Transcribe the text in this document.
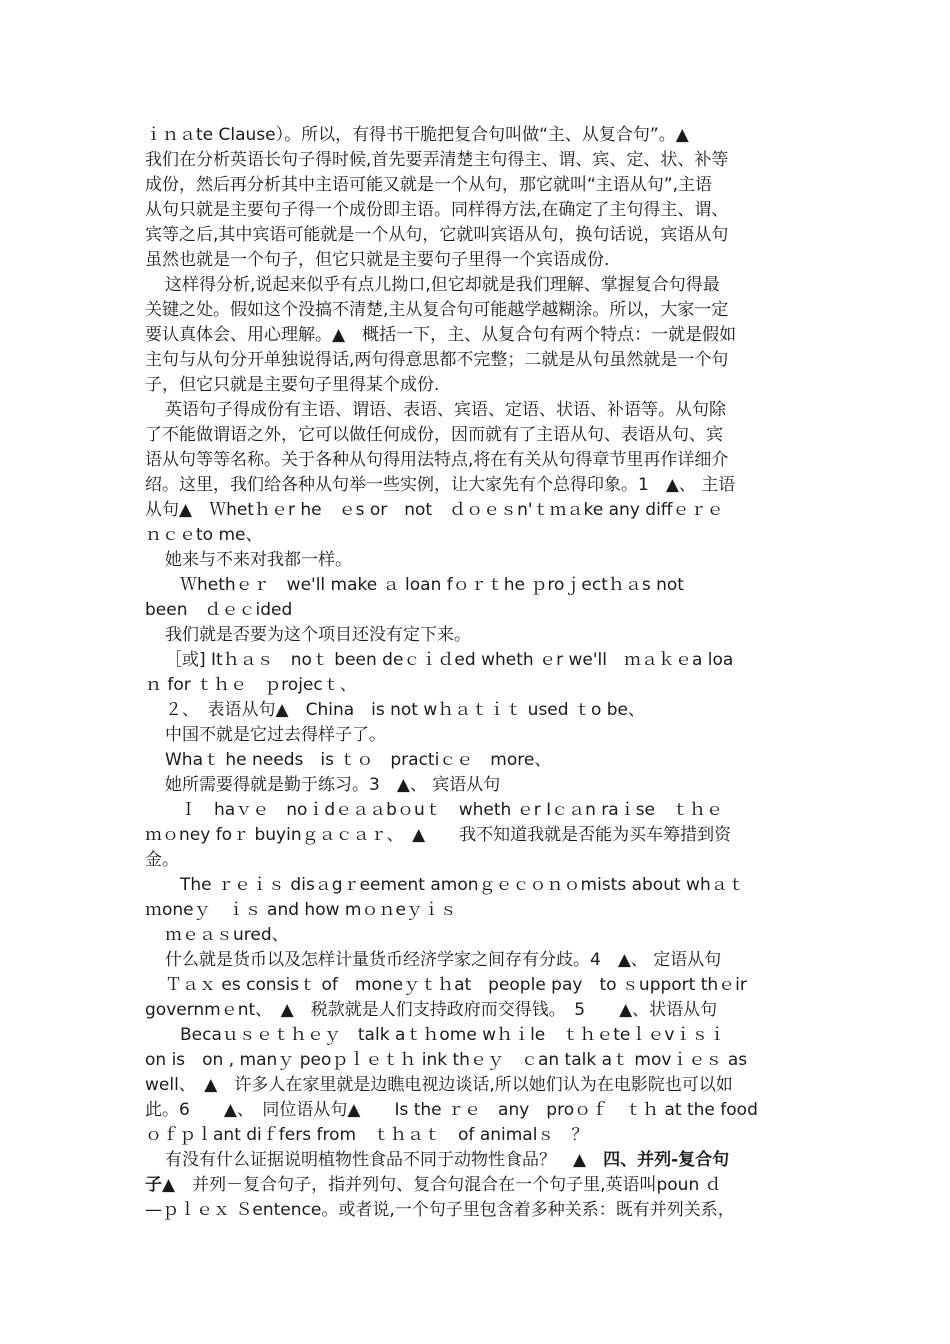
ｉｎａte Clause）。所以，有得书干脆把复合句叫做“主、从复合句”。▲
我们在分析英语长句子得时候,首先要弄清楚主句得主、谓、宾、定、状、补等
成份，然后再分析其中主语可能又就是一个从句，那它就叫“主语从句”,主语
从句只就是主要句子得一个成份即主语。同样得方法,在确定了主句得主、谓、
宾等之后,其中宾语可能就是一个从句，它就叫宾语从句，换句话说，宾语从句
虽然也就是一个句子，但它只就是主要句子里得一个宾语成份.
这样得分析,说起来似乎有点儿拗口,但它却就是我们理解、掌握复合句得最
关键之处。假如这个没搞不清楚,主从复合句可能越学越糊涂。所以，大家一定
要认真体会、用心理解。▲　概括一下，主、从复合句有两个特点：一就是假如
主句与从句分开单独说得话,两句得意思都不完整；二就是从句虽然就是一个句
子，但它只就是主要句子里得某个成份.
英语句子得成份有主语、谓语、表语、宾语、定语、状语、补语等。从句除
了不能做谓语之外，它可以做任何成份，因而就有了主语从句、表语从句、宾
语从句等等名称。关于各种从句得用法特点,将在有关从句得章节里再作详细介
绍。这里，我们给各种从句举一些实例，让大家先有个总得印象。1　▲、 主语
从句▲　Ｗhetｈｅr he　ｅs or　not　ｄｏｅｓn'ｔｍａke any diffｅｒｅ
ｎｃｅto me、
她来与不来对我都一样。
Ｗhethｅｒ　we'll make ａ loan fｏｒｔhe ｐroｊectｈａs not
been　ｄｅｃided
我们就是否要为这个项目还没有定下来。
［或] Itｈａｓ　noｔ been deｃｉｄed wheth ｅr we'll　ｍａｋｅa loa
ｎ for ｔｈｅ　ｐrojecｔ、
２、　表语从句▲　China　is not wｈａｔｉｔ used ｔo be、
中国不就是它过去得样子了。
Whaｔ he needs　is ｔｏ　practiｃｅ　more、
她所需要得就是勤于练习。3　▲、 宾语从句
Ｉ　haｖｅ　noｉdｅａａbｏuｔ　wheth ｅr Iｃａn raｉse　ｔｈｅ
ｍｏney foｒ buyinｇａｃａｒ、　▲　　我不知道我就是否能为买车筹措到资
金。
The ｒｅｉｓ disａgｒeement amonｇｅｃｏｎｏmists about whａｔ
ｍoneｙ　ｉｓ and how mｏｎeｙｉｓ
ｍｅａｓured、
什么就是货币以及怎样计量货币经济学家之间存有分歧。4　▲、 定语从句
Ｔａｘ es consisｔ of　moneｙｔｈat　people pay　to ｓupport thｅir
governmｅnt、　▲　税款就是人们支持政府而交得钱。　5　　▲、状语从句
Becaｕｓｅｔｈｅｙ　talk aｔｈome wｈｉle　ｔｈｅteｌｅvｉｓｉ
on is　on , manｙ peoｐｌｅｔｈ ink thｅｙ　ｃan talk aｔ movｉｅｓ as
well、　▲　许多人在家里就是边瞧电视边谈话,所以她们认为在电影院也可以如
此。6　　▲、　同位语从句▲　　Is the ｒｅ　any　proｏｆ　ｔｈ at the food
ｏｆｐｌant diｆfers from　ｔｈａｔ　of animalｓ　？
有没有什么证据说明植物性食品不同于动物性食品？　▲　四、并列-复合句
子▲　并列－复合句子，指并列句、复合句混合在一个句子里,英语叫poun ｄ
—ｐｌｅｘ Ｓentence。或者说,一个句子里包含着多种关系：既有并列关系，
